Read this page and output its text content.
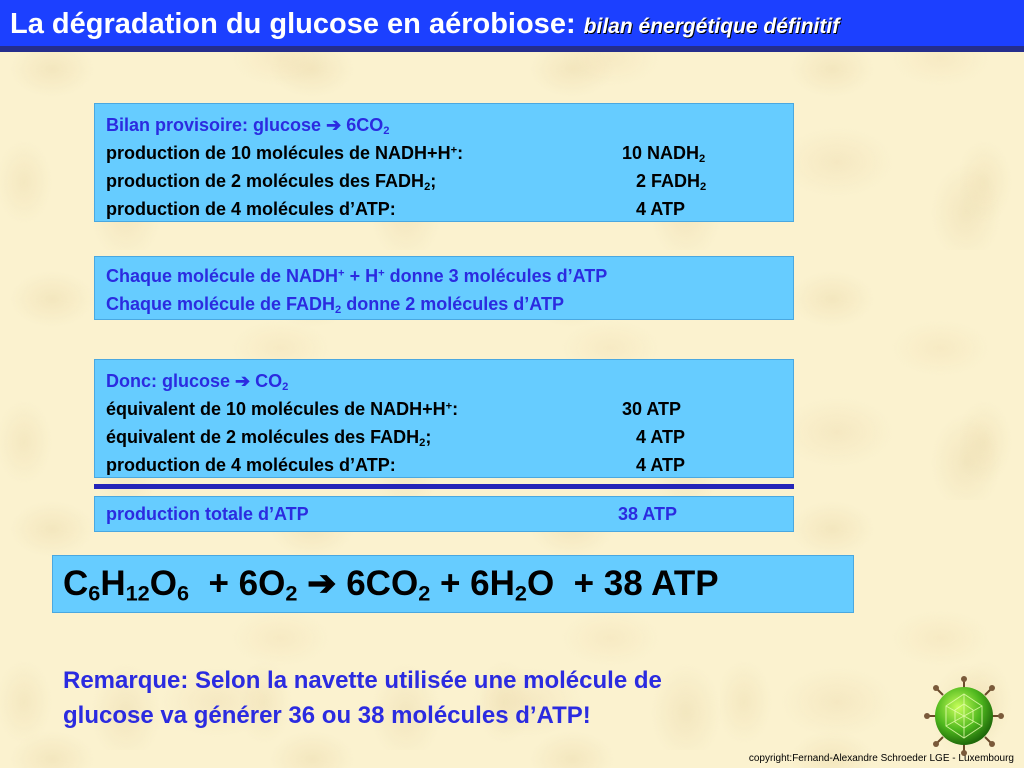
La dégradation du glucose en aérobiose: bilan énergétique définitif
Bilan provisoire: glucose ➔ $6CO_2$
production de 10 molécules de NADH+H+:	10 $NADH_2$
production de 2 molécules des $FADH_2$;	2 $FADH_2$
production de 4 molécules d’ATP:	4 ATP
Chaque molécule de NADH+ + H+ donne 3 molécules d’ATP
Chaque molécule de $FADH_2$ donne 2 molécules d’ATP
Donc: glucose ➔ $CO_2$
équivalent de 10 molécules de NADH+H+:	30 ATP
équivalent de 2 molécules des $FADH_2$;	4 ATP
production de 4 molécules d’ATP:	4 ATP
production totale d’ATP	38 ATP

$C_6H_{12}O_6 + 6O_2$ ➔ $6CO_2 + 6H_2O + 38$ ATP

Remarque: Selon la navette utilisée une molécule de
glucose va générer 36 ou 38 molécules d’ATP!
copyright:Fernand-Alexandre Schroeder LGE - Luxembourg
